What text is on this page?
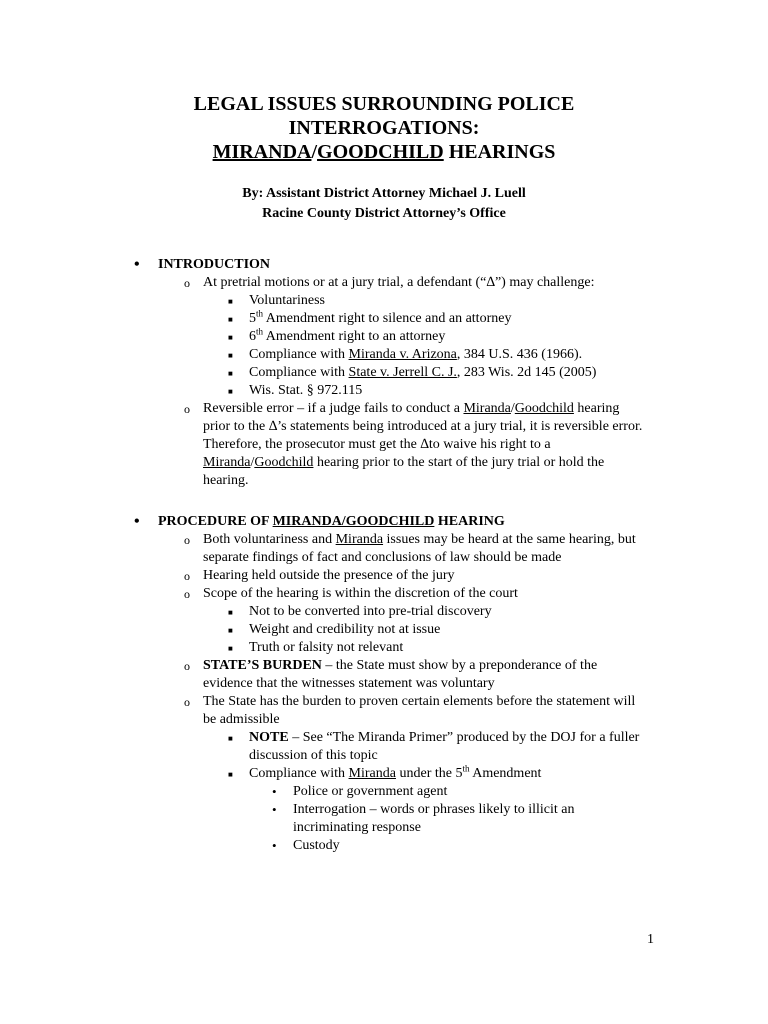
LEGAL ISSUES SURROUNDING POLICE
INTERROGATIONS:
MIRANDA/GOODCHILD HEARINGS
By: Assistant District Attorney Michael J. Luell
Racine County District Attorney’s Office
• INTRODUCTION
o At pretrial motions or at a jury trial, a defendant (“∆”) may challenge:
■ Voluntariness
■ 5th Amendment right to silence and an attorney
■ 6th Amendment right to an attorney
■ Compliance with Miranda v. Arizona, 384 U.S. 436 (1966).
■ Compliance with State v. Jerrell C. J., 283 Wis. 2d 145 (2005)
■ Wis. Stat. § 972.115
o Reversible error – if a judge fails to conduct a Miranda/Goodchild hearing prior to the ∆’s statements being introduced at a jury trial, it is reversible error. Therefore, the prosecutor must get the ∆to waive his right to a Miranda/Goodchild hearing prior to the start of the jury trial or hold the hearing.
• PROCEDURE OF MIRANDA/GOODCHILD HEARING
o Both voluntariness and Miranda issues may be heard at the same hearing, but separate findings of fact and conclusions of law should be made
o Hearing held outside the presence of the jury
o Scope of the hearing is within the discretion of the court
■ Not to be converted into pre-trial discovery
■ Weight and credibility not at issue
■ Truth or falsity not relevant
o STATE’S BURDEN – the State must show by a preponderance of the evidence that the witnesses statement was voluntary
o The State has the burden to proven certain elements before the statement will be admissible
■ NOTE – See “The Miranda Primer” produced by the DOJ for a fuller discussion of this topic
■ Compliance with Miranda under the 5th Amendment
• Police or government agent
• Interrogation – words or phrases likely to illicit an incriminating response
• Custody
1
